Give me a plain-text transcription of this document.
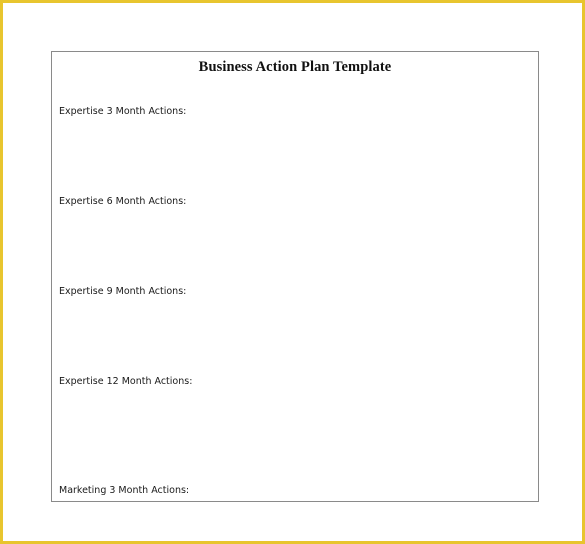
Business Action Plan Template
Expertise 3 Month Actions:
Expertise 6 Month Actions:
Expertise 9 Month Actions:
Expertise 12 Month Actions:
Marketing 3 Month Actions:
